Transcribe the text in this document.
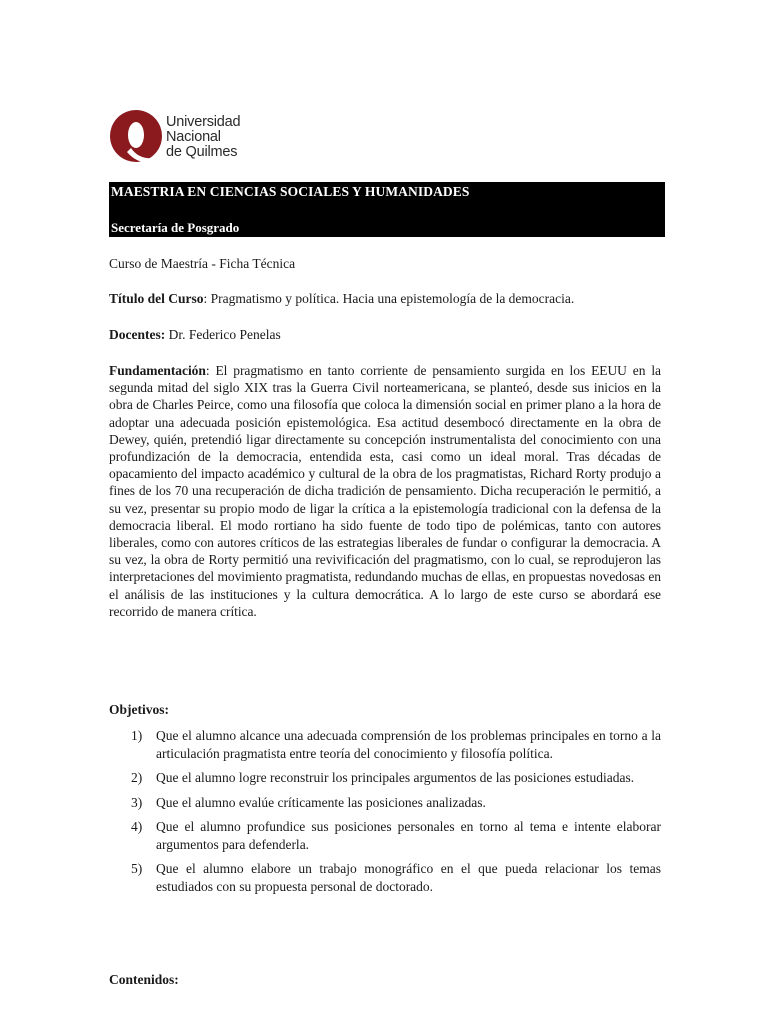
Universidad
Nacional
de Quilmes
MAESTRIA EN CIENCIAS SOCIALES Y HUMANIDADES
Secretaría de Posgrado
Curso de Maestría - Ficha Técnica
Título del Curso: Pragmatismo y política. Hacia una epistemología de la democracia.
Docentes: Dr. Federico Penelas
Fundamentación: El pragmatismo en tanto corriente de pensamiento surgida en los EEUU en la segunda mitad del siglo XIX tras la Guerra Civil norteamericana, se planteó, desde sus inicios en la obra de Charles Peirce, como una filosofía que coloca la dimensión social en primer plano a la hora de adoptar una adecuada posición epistemológica. Esa actitud desembocó directamente en la obra de Dewey, quién, pretendió ligar directamente su concepción instrumentalista del conocimiento con una profundización de la democracia, entendida esta, casi como un ideal moral. Tras décadas de opacamiento del impacto académico y cultural de la obra de los pragmatistas, Richard Rorty produjo a fines de los 70 una recuperación de dicha tradición de pensamiento. Dicha recuperación le permitió, a su vez, presentar su propio modo de ligar la crítica a la epistemología tradicional con la defensa de la democracia liberal. El modo rortiano ha sido fuente de todo tipo de polémicas, tanto con autores liberales, como con autores críticos de las estrategias liberales de fundar o configurar la democracia. A su vez, la obra de Rorty permitió una revivificación del pragmatismo, con lo cual, se reprodujeron las interpretaciones del movimiento pragmatista, redundando muchas de ellas, en propuestas novedosas en el análisis de las instituciones y la cultura democrática. A lo largo de este curso se abordará ese recorrido de manera crítica.
Objetivos:
1) Que el alumno alcance una adecuada comprensión de los problemas principales en torno a la articulación pragmatista entre teoría del conocimiento y filosofía política.
2) Que el alumno logre reconstruir los principales argumentos de las posiciones estudiadas.
3) Que el alumno evalúe críticamente las posiciones analizadas.
4) Que el alumno profundice sus posiciones personales en torno al tema e intente elaborar argumentos para defenderla.
5) Que el alumno elabore un trabajo monográfico en el que pueda relacionar los temas estudiados con su propuesta personal de doctorado.
Contenidos:
